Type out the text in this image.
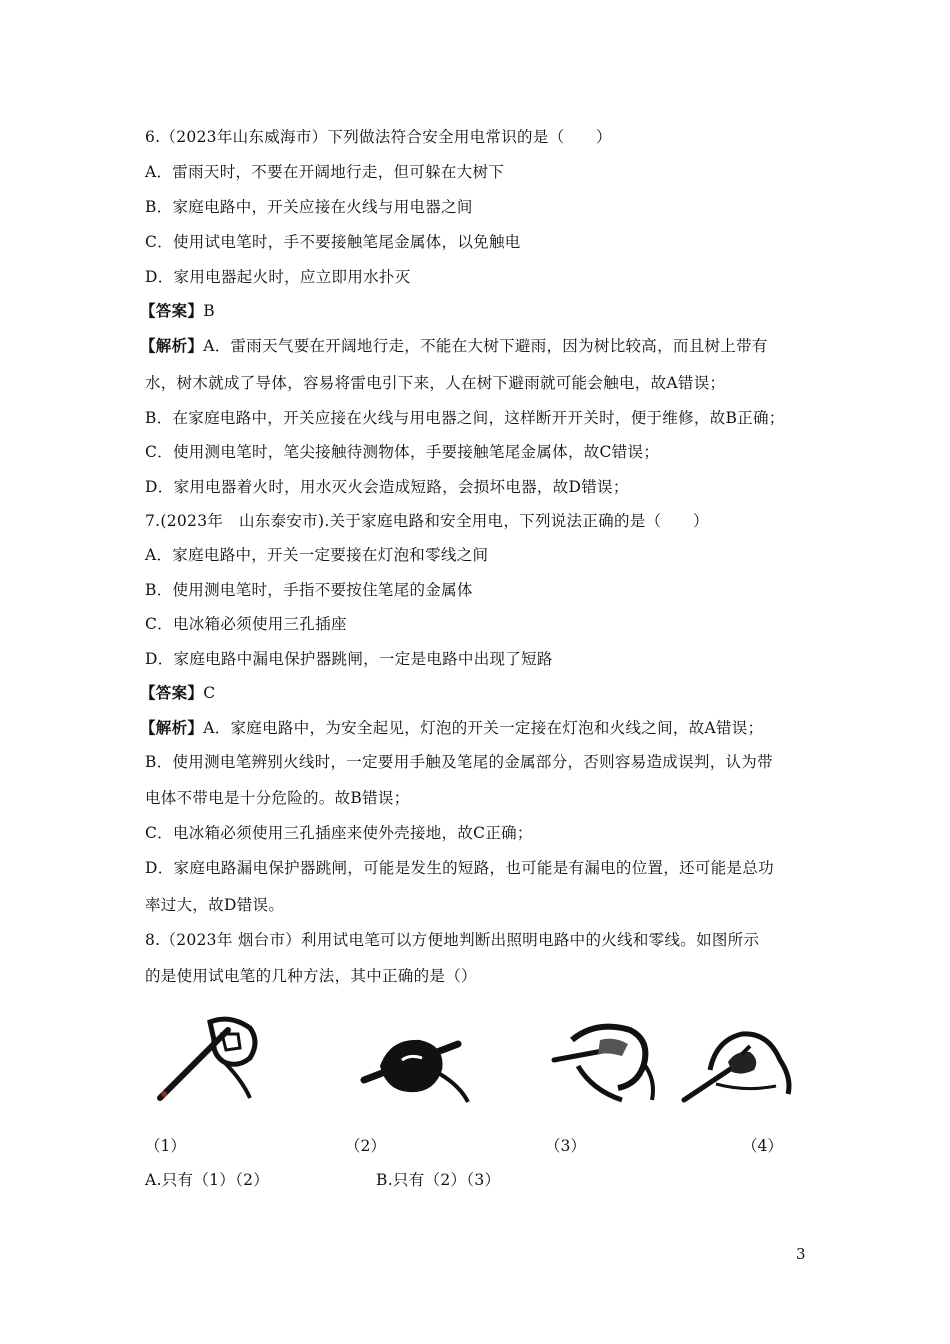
6.（2023年山东威海市）下列做法符合安全用电常识的是（　　）
A．雷雨天时，不要在开阔地行走，但可躲在大树下
B．家庭电路中，开关应接在火线与用电器之间
C．使用试电笔时，手不要接触笔尾金属体，以免触电
D．家用电器起火时，应立即用水扑灭
【答案】B
【解析】A．雷雨天气要在开阔地行走，不能在大树下避雨，因为树比较高，而且树上带有
水，树木就成了导体，容易将雷电引下来，人在树下避雨就可能会触电，故A错误；
B．在家庭电路中，开关应接在火线与用电器之间，这样断开开关时，便于维修，故B正确；
C．使用测电笔时，笔尖接触待测物体，手要接触笔尾金属体，故C错误；
D．家用电器着火时，用水灭火会造成短路，会损坏电器，故D错误；
7.(2023年　山东泰安市).关于家庭电路和安全用电，下列说法正确的是（　　）
A．家庭电路中，开关一定要接在灯泡和零线之间
B．使用测电笔时，手指不要按住笔尾的金属体
C．电冰箱必须使用三孔插座
D．家庭电路中漏电保护器跳闸，一定是电路中出现了短路
【答案】C
【解析】A．家庭电路中，为安全起见，灯泡的开关一定接在灯泡和火线之间，故A错误；
B．使用测电笔辨别火线时，一定要用手触及笔尾的金属部分，否则容易造成误判，认为带
电体不带电是十分危险的。故B错误；
C．电冰箱必须使用三孔插座来使外壳接地，故C正确；
D．家庭电路漏电保护器跳闸，可能是发生的短路，也可能是有漏电的位置，还可能是总功
率过大，故D错误。
8.（2023年 烟台市）利用试电笔可以方便地判断出照明电路中的火线和零线。如图所示
的是使用试电笔的几种方法，其中正确的是（）
（1）	（2）	（3）	（4）
A.只有（1）（2）	B.只有（2）（3）
3
